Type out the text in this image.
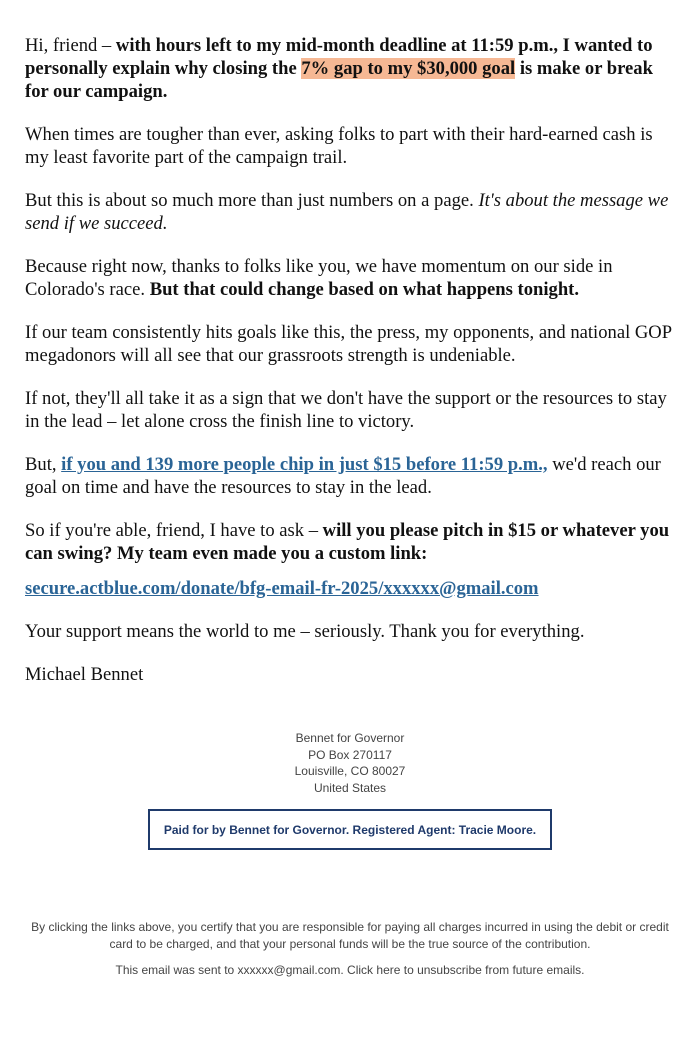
Hi, friend – with hours left to my mid-month deadline at 11:59 p.m., I wanted to personally explain why closing the 7% gap to my $30,000 goal is make or break for our campaign.

When times are tougher than ever, asking folks to part with their hard-earned cash is my least favorite part of the campaign trail.

But this is about so much more than just numbers on a page. It's about the message we send if we succeed.

Because right now, thanks to folks like you, we have momentum on our side in Colorado's race. But that could change based on what happens tonight.

If our team consistently hits goals like this, the press, my opponents, and national GOP megadonors will all see that our grassroots strength is undeniable.

If not, they'll all take it as a sign that we don't have the support or the resources to stay in the lead – let alone cross the finish line to victory.

But, if you and 139 more people chip in just $15 before 11:59 p.m., we'd reach our goal on time and have the resources to stay in the lead.

So if you're able, friend, I have to ask – will you please pitch in $15 or whatever you can swing? My team even made you a custom link:

secure.actblue.com/donate/bfg-email-fr-2025/xxxxxx@gmail.com

Your support means the world to me – seriously. Thank you for everything.

Michael Bennet

Bennet for Governor
PO Box 270117
Louisville, CO 80027
United States
Paid for by Bennet for Governor. Registered Agent: Tracie Moore.

By clicking the links above, you certify that you are responsible for paying all charges incurred in using the debit or credit card to be charged, and that your personal funds will be the true source of the contribution.

This email was sent to xxxxxx@gmail.com. Click here to unsubscribe from future emails.
